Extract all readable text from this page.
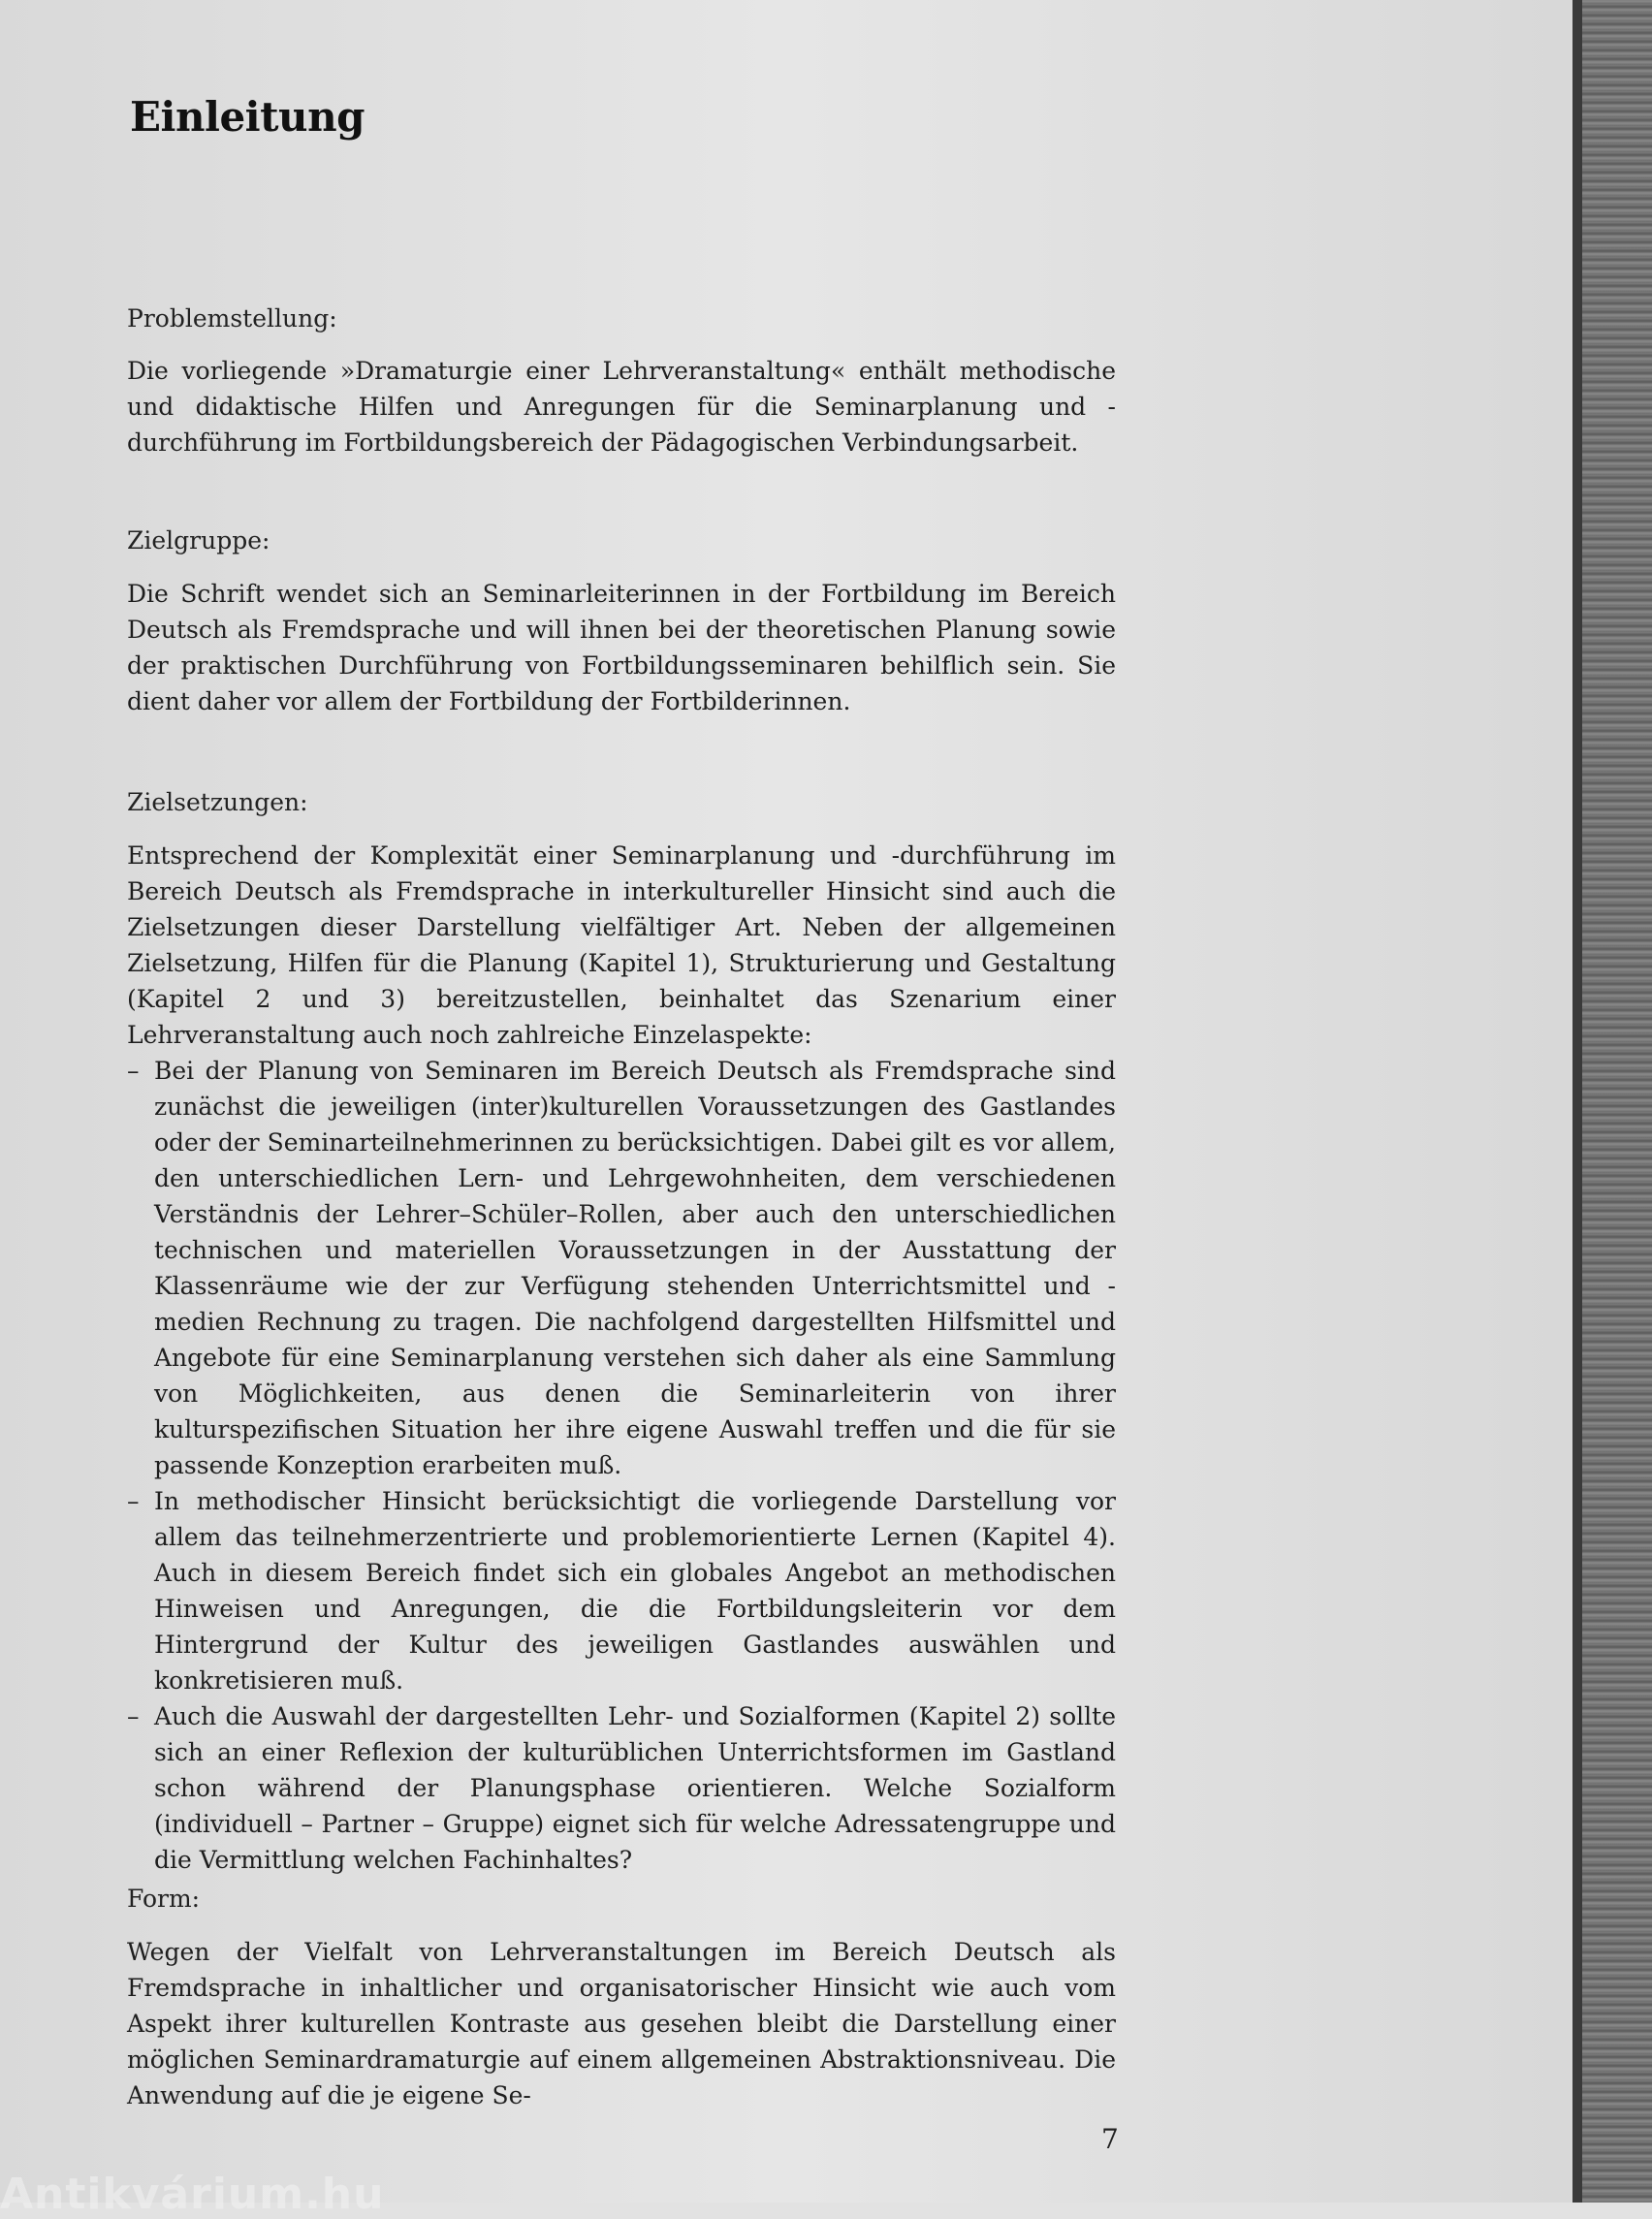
Einleitung

Problemstellung:

Die vorliegende »Dramaturgie einer Lehrveranstaltung« enthält methodische und didaktische Hilfen und Anregungen für die Seminarplanung und -durchführung im Fortbildungsbereich der Pädagogischen Verbindungsarbeit.

Zielgruppe:

Die Schrift wendet sich an Seminarleiterinnen in der Fortbildung im Bereich Deutsch als Fremdsprache und will ihnen bei der theoretischen Planung sowie der praktischen Durchführung von Fortbildungsseminaren behilflich sein. Sie dient daher vor allem der Fortbildung der Fortbilderinnen.

Zielsetzungen:

Entsprechend der Komplexität einer Seminarplanung und -durchführung im Bereich Deutsch als Fremdsprache in interkultureller Hinsicht sind auch die Zielsetzungen dieser Darstellung vielfältiger Art. Neben der allgemeinen Zielsetzung, Hilfen für die Planung (Kapitel 1), Strukturierung und Gestaltung (Kapitel 2 und 3) bereitzustellen, beinhaltet das Szenarium einer Lehrveranstaltung auch noch zahlreiche Einzelaspekte:

– Bei der Planung von Seminaren im Bereich Deutsch als Fremdsprache sind zunächst die jeweiligen (inter)kulturellen Voraussetzungen des Gastlandes oder der Seminarteilnehmerinnen zu berücksichtigen. Dabei gilt es vor allem, den unterschiedlichen Lern- und Lehrgewohnheiten, dem verschiedenen Verständnis der Lehrer–Schüler–Rollen, aber auch den unterschiedlichen technischen und materiellen Voraussetzungen in der Ausstattung der Klassenräume wie der zur Verfügung stehenden Unterrichtsmittel und -medien Rechnung zu tragen. Die nachfolgend dargestellten Hilfsmittel und Angebote für eine Seminarplanung verstehen sich daher als eine Sammlung von Möglichkeiten, aus denen die Seminarleiterin von ihrer kulturspezifischen Situation her ihre eigene Auswahl treffen und die für sie passende Konzeption erarbeiten muß.
– In methodischer Hinsicht berücksichtigt die vorliegende Darstellung vor allem das teilnehmerzentrierte und problemorientierte Lernen (Kapitel 4). Auch in diesem Bereich findet sich ein globales Angebot an methodischen Hinweisen und Anregungen, die die Fortbildungsleiterin vor dem Hintergrund der Kultur des jeweiligen Gastlandes auswählen und konkretisieren muß.
– Auch die Auswahl der dargestellten Lehr- und Sozialformen (Kapitel 2) sollte sich an einer Reflexion der kulturüblichen Unterrichtsformen im Gastland schon während der Planungsphase orientieren. Welche Sozialform (individuell – Partner – Gruppe) eignet sich für welche Adressatengruppe und die Vermittlung welchen Fachinhaltes?

Form:

Wegen der Vielfalt von Lehrveranstaltungen im Bereich Deutsch als Fremdsprache in inhaltlicher und organisatorischer Hinsicht wie auch vom Aspekt ihrer kulturellen Kontraste aus gesehen bleibt die Darstellung einer möglichen Seminardramaturgie auf einem allgemeinen Abstraktionsniveau. Die Anwendung auf die je eigene Se-

7

Antikvárium.hu
